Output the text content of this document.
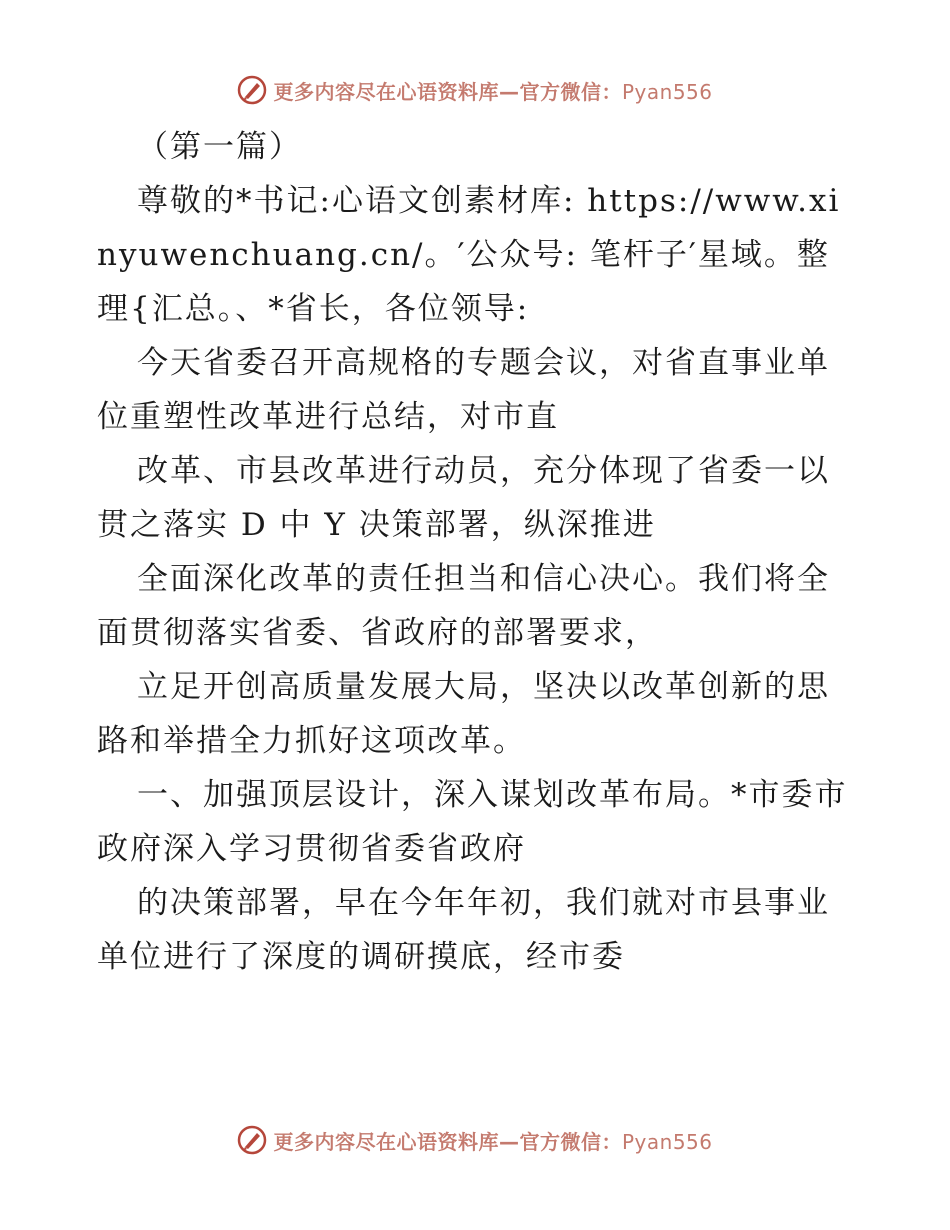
更多内容尽在心语资料库—官方微信：Pyan556

（第一篇）

尊敬的*书记:心语文创素材库: https://www.xinyuwenchuang.cn/。′公众号: 笔杆子′星域。整理{汇总。、*省长，各位领导:

今天省委召开高规格的专题会议，对省直事业单位重塑性改革进行总结，对市直

改革、市县改革进行动员，充分体现了省委一以贯之落实 D 中 Y 决策部署，纵深推进

全面深化改革的责任担当和信心决心。我们将全面贯彻落实省委、省政府的部署要求，

立足开创高质量发展大局，坚决以改革创新的思路和举措全力抓好这项改革。

一、加强顶层设计，深入谋划改革布局。*市委市政府深入学习贯彻省委省政府

的决策部署，早在今年年初，我们就对市县事业单位进行了深度的调研摸底，经市委

更多内容尽在心语资料库—官方微信：Pyan556
